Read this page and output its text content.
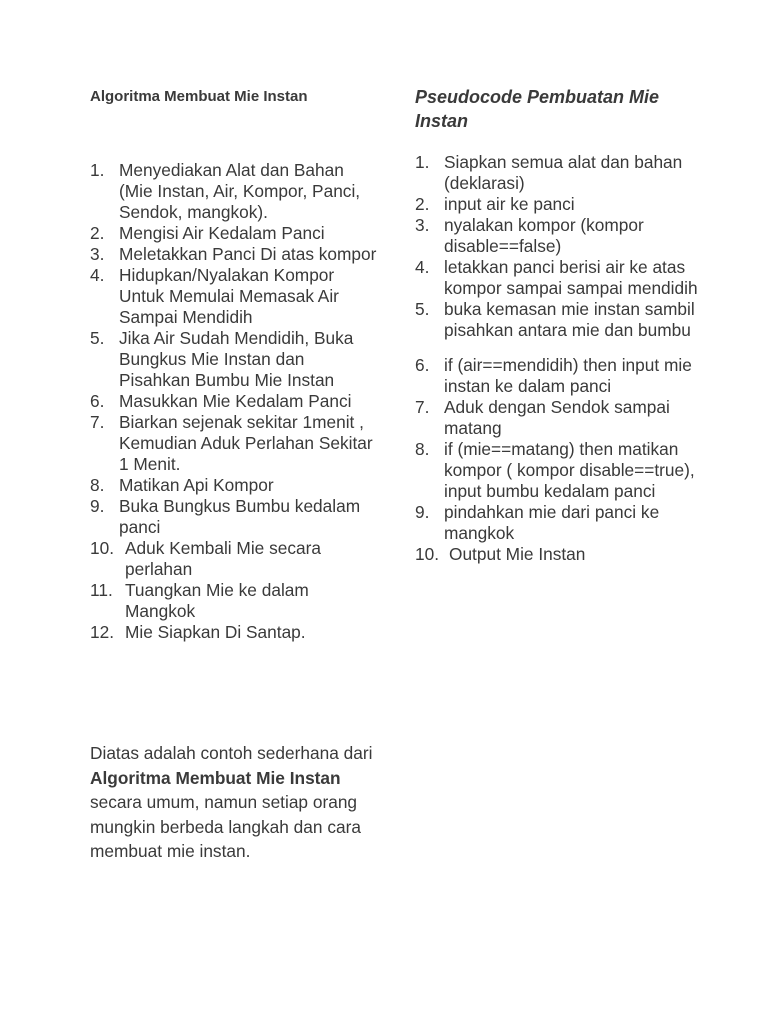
Algoritma Membuat Mie Instan
1. Menyediakan Alat dan Bahan (Mie Instan, Air, Kompor, Panci, Sendok, mangkok).
2. Mengisi Air Kedalam Panci
3. Meletakkan Panci Di atas kompor
4. Hidupkan/Nyalakan Kompor Untuk Memulai Memasak Air Sampai Mendidih
5. Jika Air Sudah Mendidih, Buka Bungkus Mie Instan dan Pisahkan Bumbu Mie Instan
6. Masukkan Mie Kedalam Panci
7. Biarkan sejenak sekitar 1menit , Kemudian Aduk Perlahan Sekitar 1 Menit.
8. Matikan Api Kompor
9. Buka Bungkus Bumbu kedalam panci
10. Aduk Kembali Mie secara perlahan
11. Tuangkan Mie ke dalam Mangkok
12. Mie Siapkan Di Santap.

Diatas adalah contoh sederhana dari Algoritma Membuat Mie Instan secara umum, namun setiap orang mungkin berbeda langkah dan cara membuat mie instan.

Pseudocode Pembuatan Mie Instan
1. Siapkan semua alat dan bahan (deklarasi)
2. input air ke panci
3. nyalakan kompor (kompor disable==false)
4. letakkan panci berisi air ke atas kompor sampai sampai mendidih
5. buka kemasan mie instan sambil pisahkan antara mie dan bumbu
6. if (air==mendidih) then input mie instan ke dalam panci
7. Aduk dengan Sendok sampai matang
8. if (mie==matang) then matikan kompor ( kompor disable==true), input bumbu kedalam panci
9. pindahkan mie dari panci ke mangkok
10. Output Mie Instan
